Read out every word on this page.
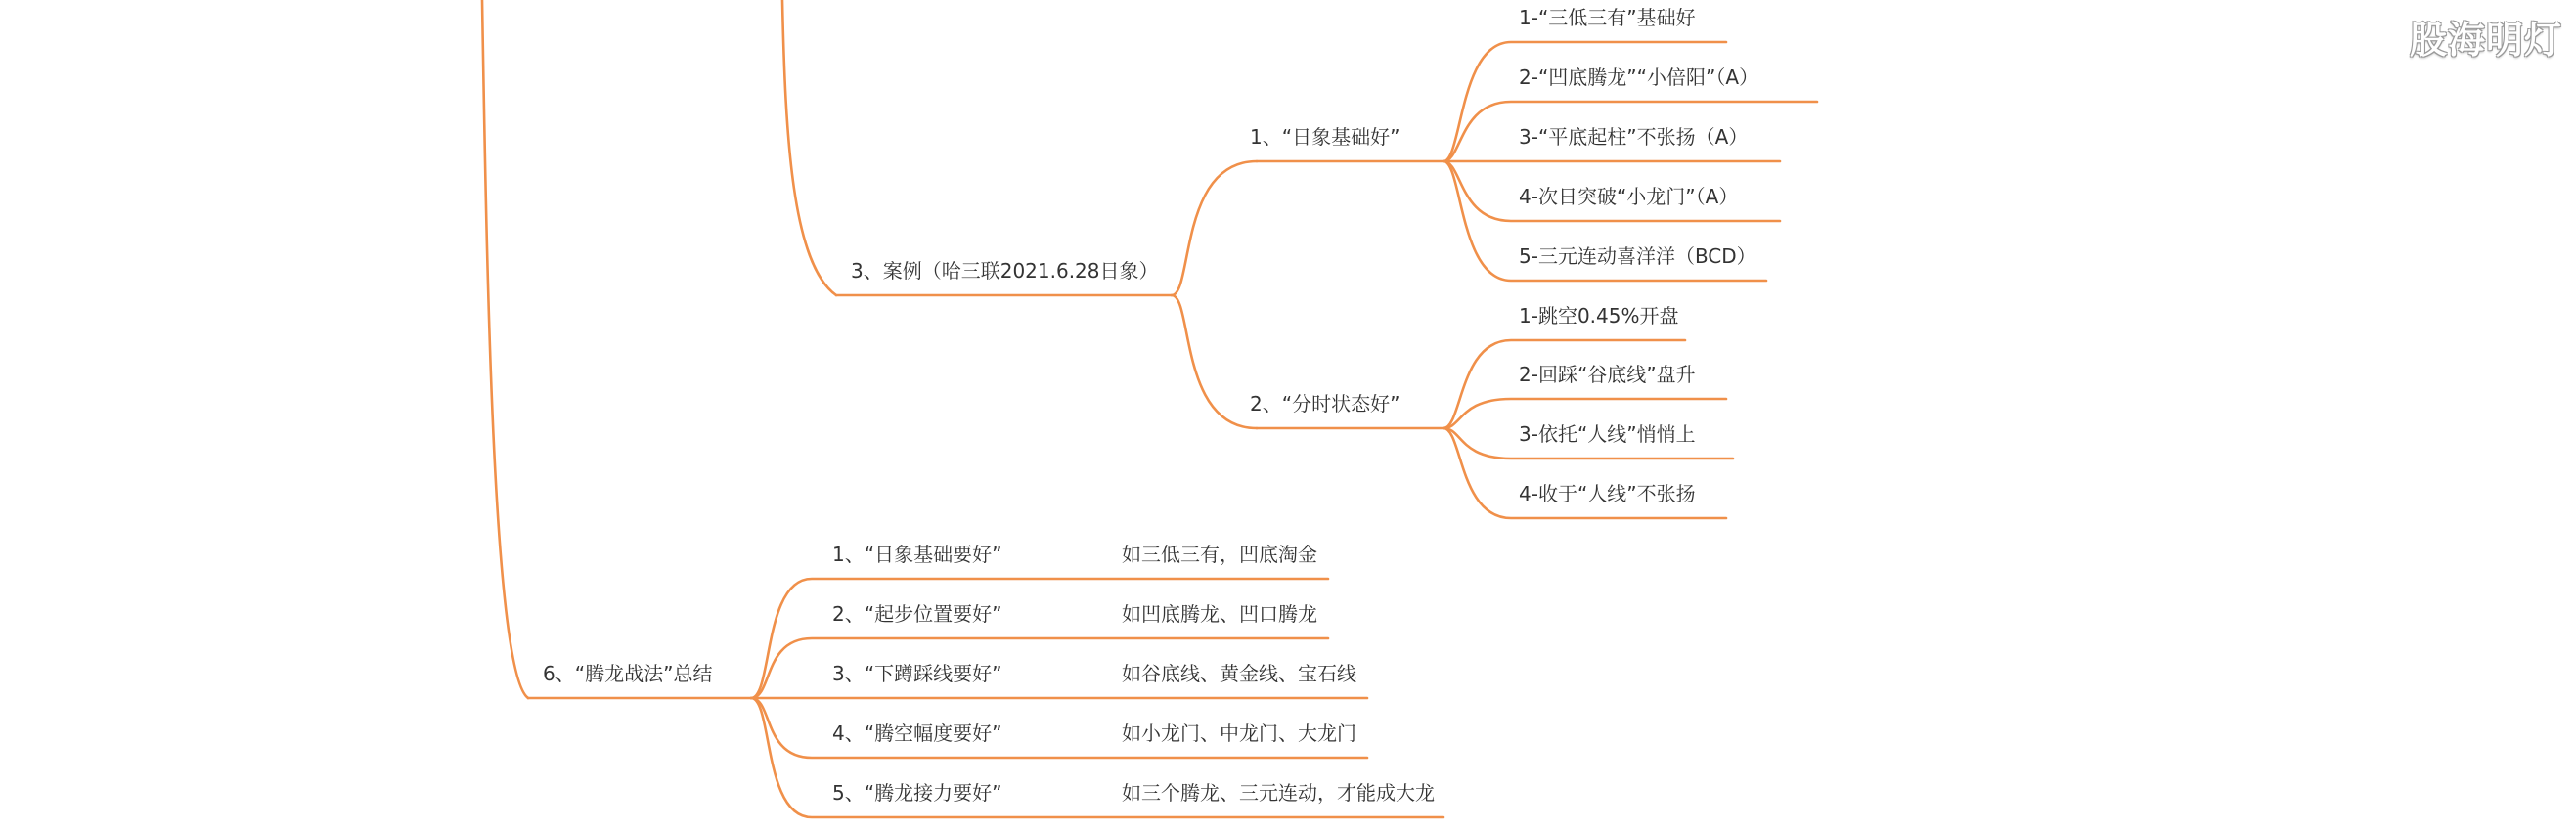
3、案例（哈三联2021.6.28日象）
1、“日象基础好”
1-“三低三有”基础好
2-“凹底腾龙”“小倍阳”（A）
3-“平底起柱”不张扬（A）
4-次日突破“小龙门”（A）
5-三元连动喜洋洋（BCD）
2、“分时状态好”
1-跳空0.45%开盘
2-回踩“谷底线”盘升
3-依托“人线”悄悄上
4-收于“人线”不张扬
6、“腾龙战法”总结
1、“日象基础要好”	如三低三有，凹底淘金
2、“起步位置要好”	如凹底腾龙、凹口腾龙
3、“下蹲踩线要好”	如谷底线、黄金线、宝石线
4、“腾空幅度要好”	如小龙门、中龙门、大龙门
5、“腾龙接力要好”	如三个腾龙、三元连动，才能成大龙
股海明灯
